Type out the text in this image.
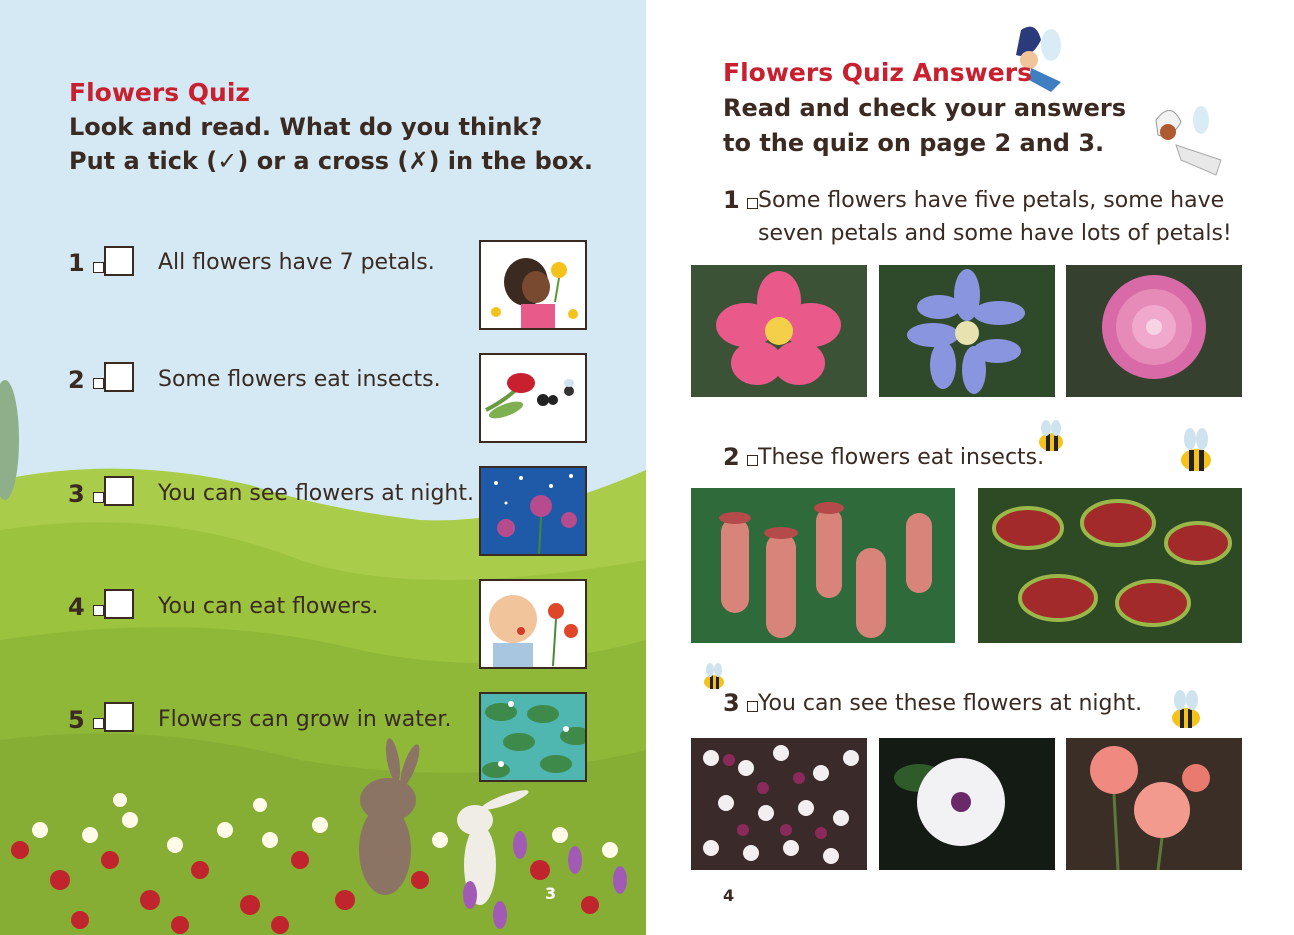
Flowers Quiz
Look and read. What do you think?
Put a tick (✓) or a cross (✗) in the box.
1	All flowers have 7 petals.
2	Some flowers eat insects.
3	You can see flowers at night.
4	You can eat flowers.
5	Flowers can grow in water.
3
Flowers Quiz Answers
Read and check your answers
to the quiz on page 2 and 3.
1 Some flowers have five petals, some have
seven petals and some have lots of petals!
2 These flowers eat insects.
3 You can see these flowers at night.
4
